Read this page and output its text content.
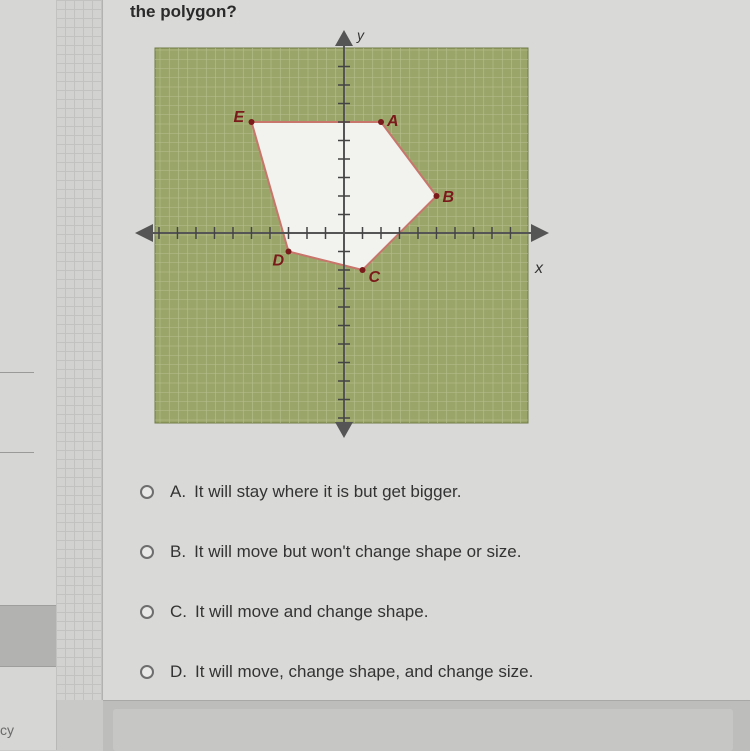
cy
the polygon?
y
x
A
B
C
D
E
A. It will stay where it is but get bigger.
B. It will move but won't change shape or size.
C. It will move and change shape.
D. It will move, change shape, and change size.
